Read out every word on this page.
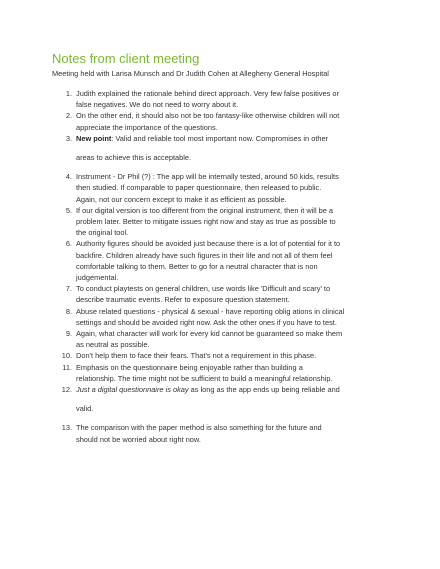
Notes from client meeting

Meeting held with Larisa Munsch and Dr Judith Cohen at Allegheny General Hospital

1. Judith explained the rationale behind direct approach. Very few false positives or
false negatives. We do not need to worry about it.
2. On the other end, it should also not be too fantasy-like otherwise children will not
appreciate the importance of the questions.
3. New point: Valid and reliable tool most important now. Compromises in other
areas to achieve this is acceptable.
4. Instrument - Dr Phil (?) : The app will be internally tested, around 50 kids, results
then studied. If comparable to paper questionnaire, then released to public.
Again, not our concern except to make it as efficient as possible.
5. If our digital version is too different from the original instrument, then it will be a
problem later. Better to mitigate issues right now and stay as true as possible to
the original tool.
6. Authority figures should be avoided just because there is a lot of potential for it to
backfire. Children already have such figures in their life and not all of them feel
comfortable talking to them. Better to go for a neutral character that is non
judgemental.
7. To conduct playtests on general children, use words like 'Difficult and scary' to
describe traumatic events. Refer to exposure question statement.
8. Abuse related questions - physical & sexual - have reporting oblig ations in clinical
settings and should be avoided right now. Ask the other ones if you have to test.
9. Again, what character will work for every kid cannot be guaranteed so make them
as neutral as possible.
10. Don't help them to face their fears. That's not a requirement in this phase.
11. Emphasis on the questionnaire being enjoyable rather than building a
relationship. The time might not be sufficient to build a meaningful relationship.
12. Just a digital questionnaire is okay as long as the app ends up being reliable and
valid.
13. The comparison with the paper method is also something for the future and
should not be worried about right now.
